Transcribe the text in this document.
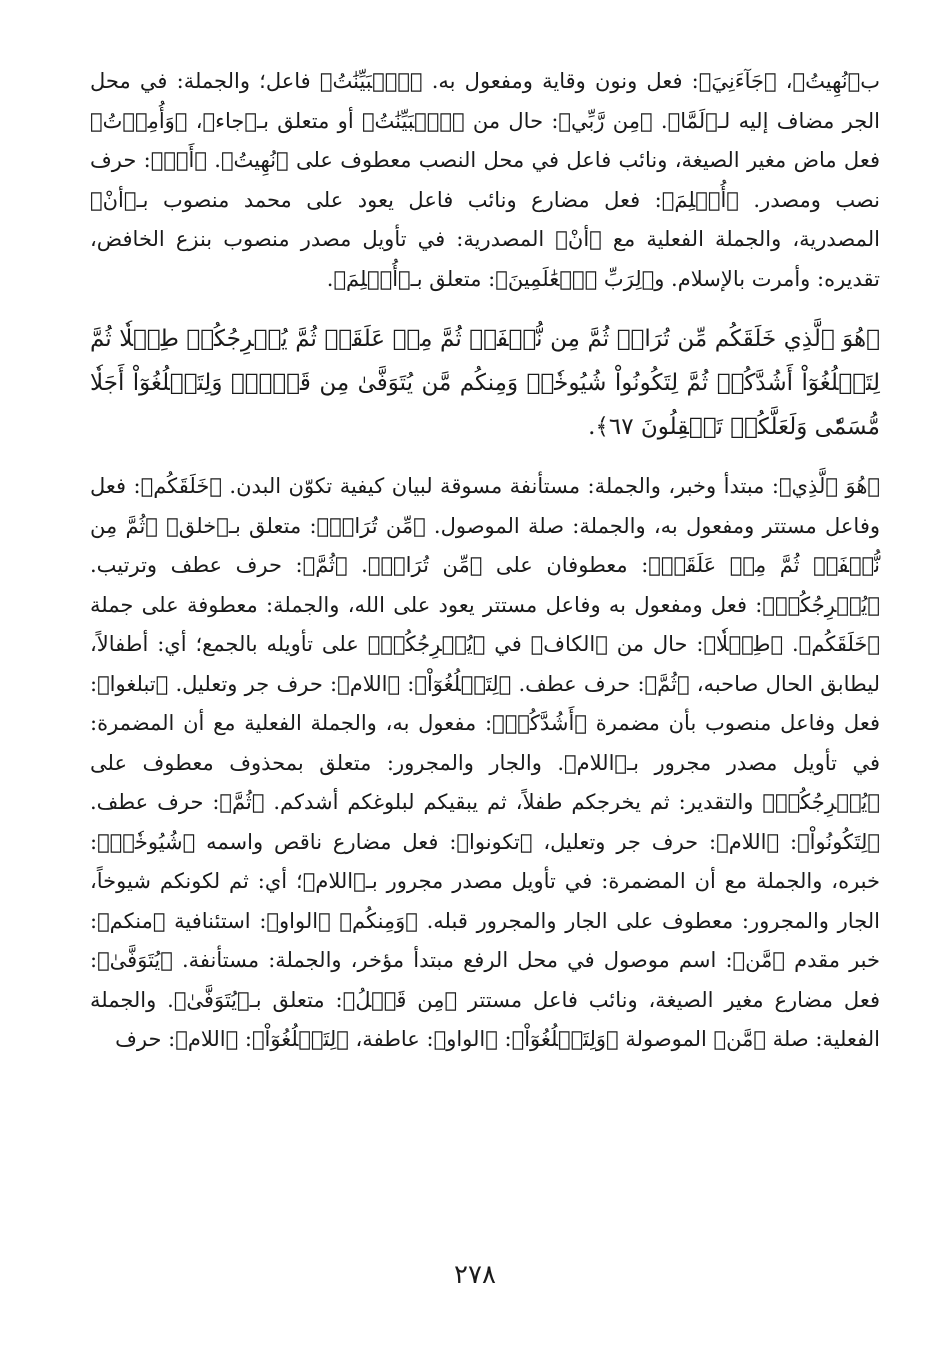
ب﴿نُهِيتُ﴾، ﴿جَآءَنِيَ﴾: فعل ونون وقاية ومفعول به. ﴿ٱلۡبَيِّنَٰتُ﴾ فاعل؛ والجملة: في محل الجر مضاف إليه لـ﴿لَمَّا﴾. ﴿مِن رَّبِّي﴾: حال من ﴿ٱلۡبَيِّنَٰتُ﴾ أو متعلق بـ﴿جاء﴾، ﴿وَأُمِرۡتُ﴾ فعل ماض مغير الصيغة، ونائب فاعل في محل النصب معطوف على ﴿نُهِيتُ﴾. ﴿أَنۡ﴾: حرف نصب ومصدر. ﴿أُسۡلِمَ﴾: فعل مضارع ونائب فاعل يعود على محمد منصوب بـ﴿أنْ﴾ المصدرية، والجملة الفعلية مع ﴿أنْ﴾ المصدرية: في تأويل مصدر منصوب بنزع الخافض، تقديره: وأمرت بالإسلام. و﴿لِرَبِّ ٱلۡعَٰلَمِينَ﴾: متعلق بـ﴿أُسۡلِمَ﴾.

﴿هُوَ ٱلَّذِي خَلَقَكُم مِّن تُرَابٖ ثُمَّ مِن نُّطۡفَةٖ ثُمَّ مِنۡ عَلَقَةٖ ثُمَّ يُخۡرِجُكُمۡ طِفۡلٗا ثُمَّ لِتَبۡلُغُوٓاْ أَشُدَّكُمۡ ثُمَّ لِتَكُونُواْ شُيُوخٗاۚ وَمِنكُم مَّن يُتَوَفَّىٰ مِن قَبۡلُۖ وَلِتَبۡلُغُوٓاْ أَجَلٗا مُّسَمّٗى وَلَعَلَّكُمۡ تَعۡقِلُونَ ٦٧﴾.

﴿هُوَ ٱلَّذِي﴾: مبتدأ وخبر، والجملة: مستأنفة مسوقة لبيان كيفية تكوّن البدن. ﴿خَلَقَكُم﴾: فعل وفاعل مستتر ومفعول به، والجملة: صلة الموصول. ﴿مِّن تُرَابٖ﴾: متعلق بـ﴿خلق﴾ ﴿ثُمَّ مِن نُّطۡفَةٖ ثُمَّ مِنۡ عَلَقَةٖ﴾: معطوفان على ﴿مِّن تُرَابٖ﴾. ﴿ثُمَّ﴾: حرف عطف وترتيب. ﴿يُخۡرِجُكُمۡ﴾: فعل ومفعول به وفاعل مستتر يعود على الله، والجملة: معطوفة على جملة ﴿خَلَقَكُم﴾. ﴿طِفۡلٗا﴾: حال من ﴿الكاف﴾ في ﴿يُخۡرِجُكُمۡ﴾ على تأويله بالجمع؛ أي: أطفالاً، ليطابق الحال صاحبه، ﴿ثُمَّ﴾: حرف عطف. ﴿لِتَبۡلُغُوٓاْ﴾: ﴿اللام﴾: حرف جر وتعليل. ﴿تبلغوا﴾: فعل وفاعل منصوب بأن مضمرة ﴿أَشُدَّكُمۡ﴾: مفعول به، والجملة الفعلية مع أن المضمرة: في تأويل مصدر مجرور بـ﴿اللام﴾. والجار والمجرور: متعلق بمحذوف معطوف على ﴿يُخۡرِجُكُمۡ﴾ والتقدير: ثم يخرجكم طفلاً، ثم يبقيكم لبلوغكم أشدكم. ﴿ثُمَّ﴾: حرف عطف. ﴿لِتَكُونُواْ﴾: ﴿اللام﴾: حرف جر وتعليل، ﴿تكونوا﴾: فعل مضارع ناقص واسمه ﴿شُيُوخٗاۚ﴾: خبره، والجملة مع أن المضمرة: في تأويل مصدر مجرور بـ﴿اللام﴾؛ أي: ثم لكونكم شيوخاً، الجار والمجرور: معطوف على الجار والمجرور قبله. ﴿وَمِنكُم﴾ ﴿الواو﴾: استئنافية ﴿منكم﴾: خبر مقدم ﴿مَّن﴾: اسم موصول في محل الرفع مبتدأ مؤخر، والجملة: مستأنفة. ﴿يُتَوَفَّىٰ﴾: فعل مضارع مغير الصيغة، ونائب فاعل مستتر ﴿مِن قَبۡلُ﴾: متعلق بـ﴿يُتَوَفَّىٰ﴾. والجملة الفعلية: صلة ﴿مَّن﴾ الموصولة ﴿وَلِتَبۡلُغُوٓاْ﴾: ﴿الواو﴾: عاطفة، ﴿لِتَبۡلُغُوٓاْ﴾: ﴿اللام﴾: حرف

٢٧٨
